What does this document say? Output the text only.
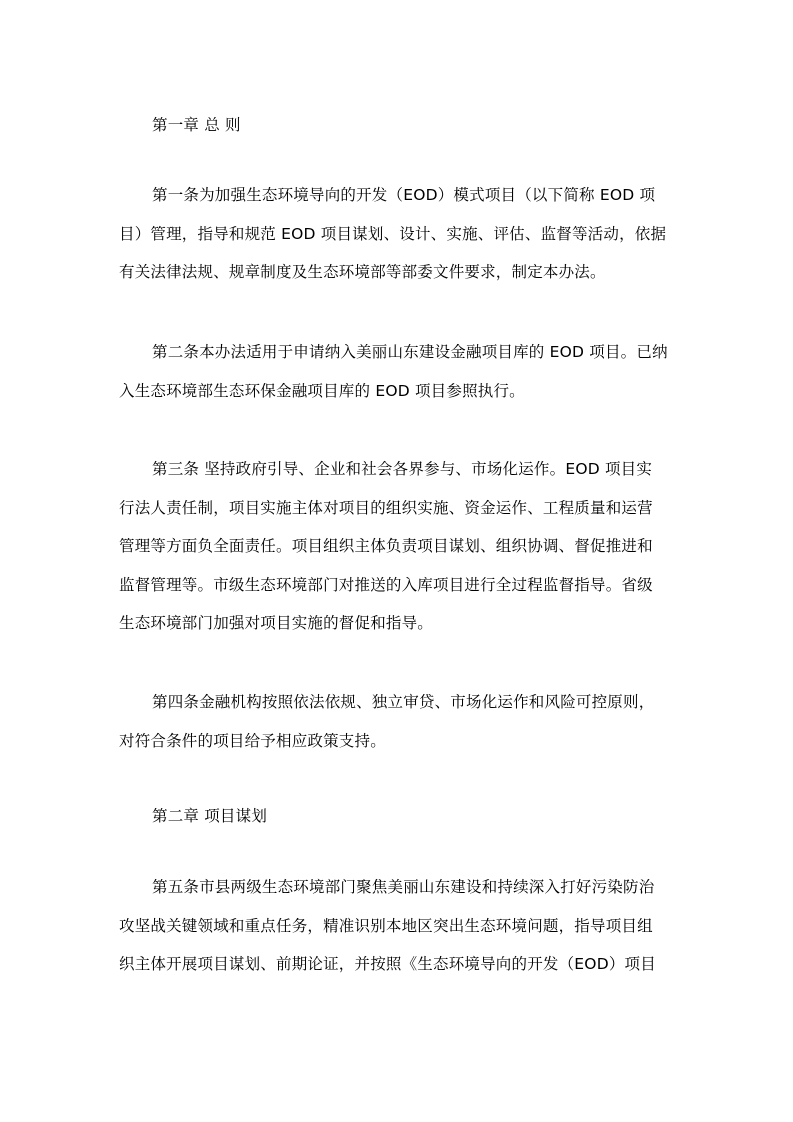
第一章 总 则
第一条为加强生态环境导向的开发（EOD）模式项目（以下简称 EOD 项
目）管理，指导和规范 EOD 项目谋划、设计、实施、评估、监督等活动，依据
有关法律法规、规章制度及生态环境部等部委文件要求，制定本办法。
第二条本办法适用于申请纳入美丽山东建设金融项目库的 EOD 项目。已纳
入生态环境部生态环保金融项目库的 EOD 项目参照执行。
第三条 坚持政府引导、企业和社会各界参与、市场化运作。EOD 项目实
行法人责任制，项目实施主体对项目的组织实施、资金运作、工程质量和运营
管理等方面负全面责任。项目组织主体负责项目谋划、组织协调、督促推进和
监督管理等。市级生态环境部门对推送的入库项目进行全过程监督指导。省级
生态环境部门加强对项目实施的督促和指导。
第四条金融机构按照依法依规、独立审贷、市场化运作和风险可控原则，
对符合条件的项目给予相应政策支持。
第二章 项目谋划
第五条市县两级生态环境部门聚焦美丽山东建设和持续深入打好污染防治
攻坚战关键领域和重点任务，精准识别本地区突出生态环境问题，指导项目组
织主体开展项目谋划、前期论证，并按照《生态环境导向的开发（EOD）项目
